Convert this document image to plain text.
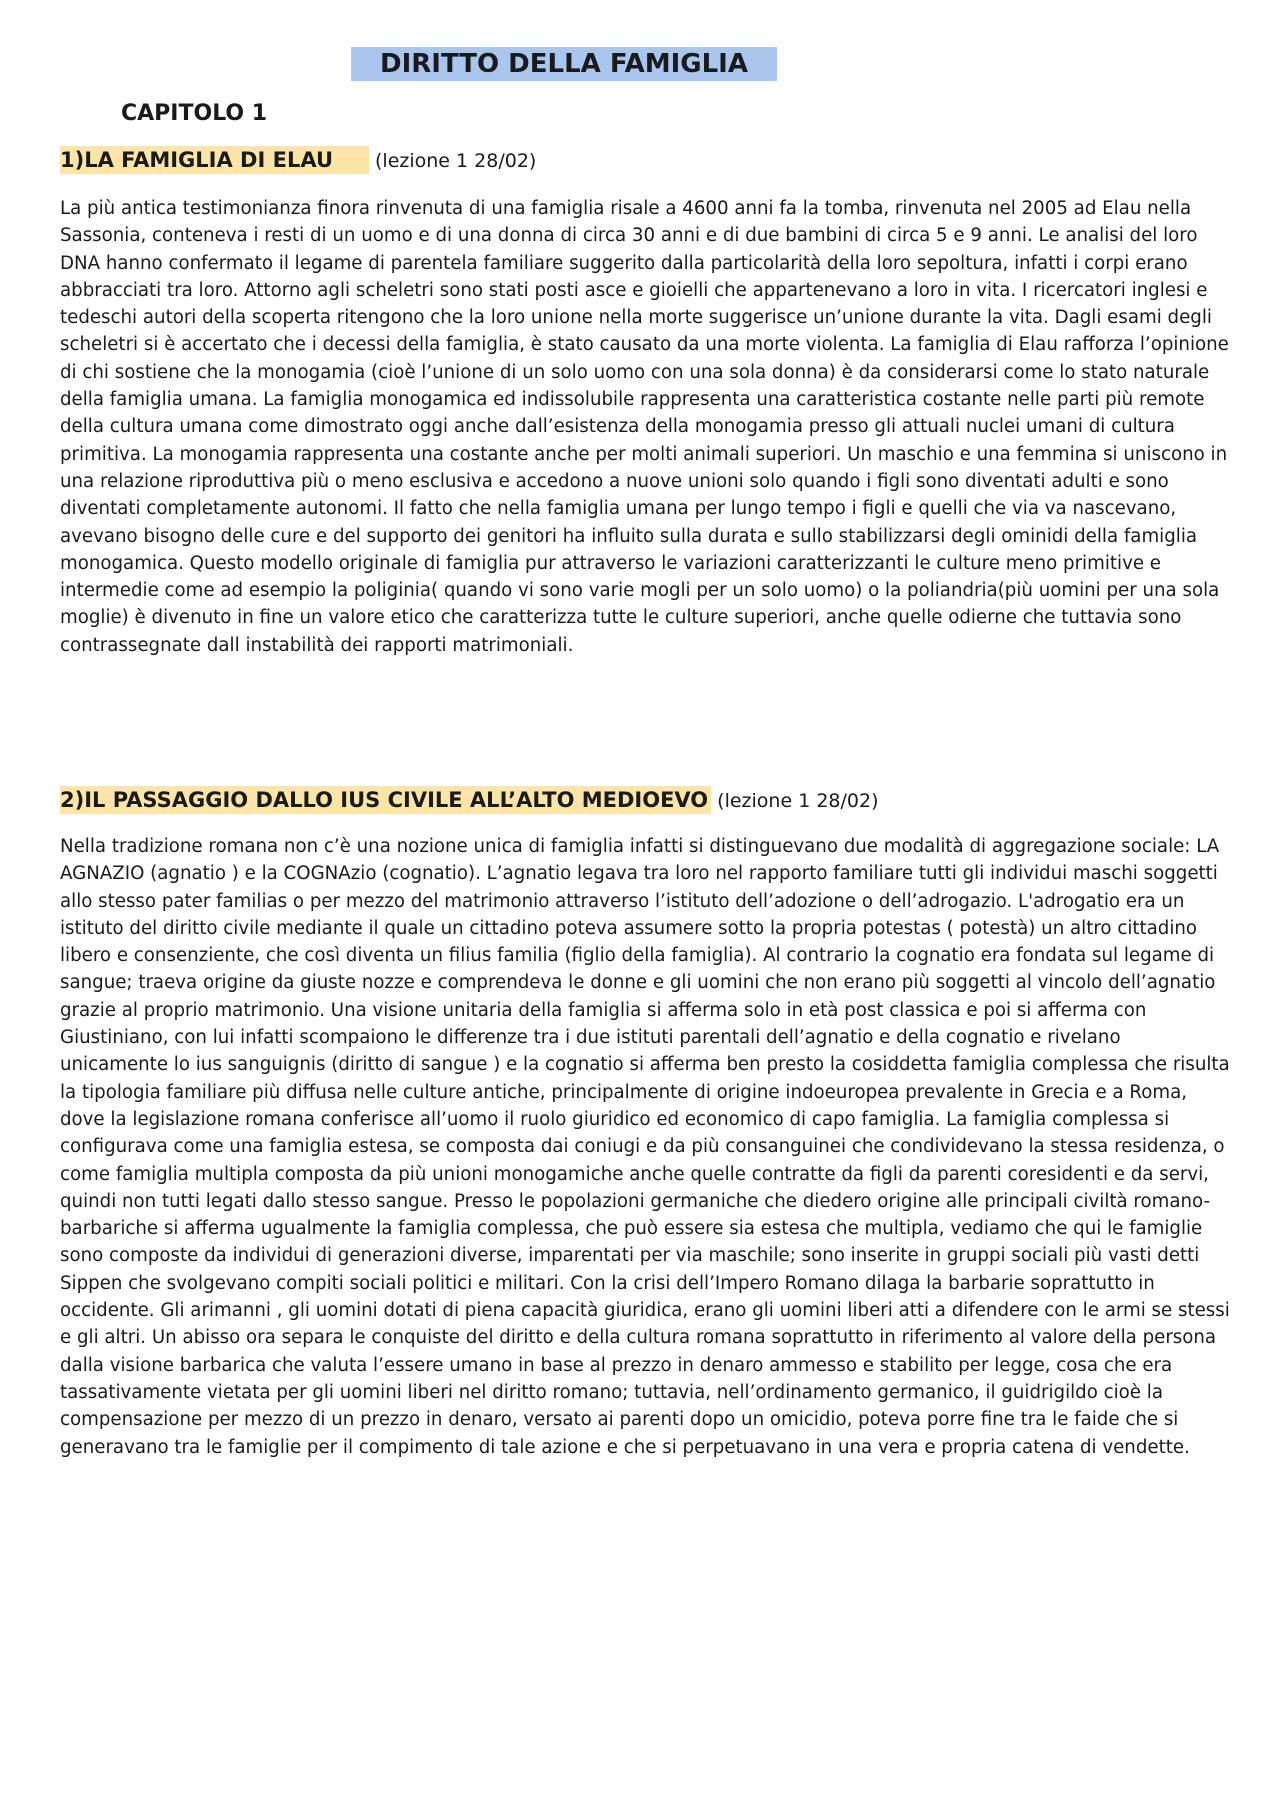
DIRITTO DELLA FAMIGLIA
CAPITOLO 1
1)LA FAMIGLIA DI ELAU (lezione 1 28/02)

La più antica testimonianza finora rinvenuta di una famiglia risale a 4600 anni fa la tomba, rinvenuta nel 2005 ad Elau nella Sassonia, conteneva i resti di un uomo e di una donna di circa 30 anni e di due bambini di circa 5 e 9 anni. Le analisi del loro DNA hanno confermato il legame di parentela familiare suggerito dalla particolarità della loro sepoltura, infatti i corpi erano abbracciati tra loro. Attorno agli scheletri sono stati posti asce e gioielli che appartenevano a loro in vita. I ricercatori inglesi e tedeschi autori della scoperta ritengono che la loro unione nella morte suggerisce un’unione durante la vita. Dagli esami degli scheletri si è accertato che i decessi della famiglia, è stato causato da una morte violenta. La famiglia di Elau rafforza l’opinione di chi sostiene che la monogamia (cioè l’unione di un solo uomo con una sola donna) è da considerarsi come lo stato naturale della famiglia umana. La famiglia monogamica ed indissolubile rappresenta una caratteristica costante nelle parti più remote della cultura umana come dimostrato oggi anche dall’esistenza della monogamia presso gli attuali nuclei umani di cultura primitiva. La monogamia rappresenta una costante anche per molti animali superiori. Un maschio e una femmina si uniscono in una relazione riproduttiva più o meno esclusiva e accedono a nuove unioni solo quando i figli sono diventati adulti e sono diventati completamente autonomi. Il fatto che nella famiglia umana per lungo tempo i figli e quelli che via va nascevano, avevano bisogno delle cure e del supporto dei genitori ha influito sulla durata e sullo stabilizzarsi degli ominidi della famiglia monogamica. Questo modello originale di famiglia pur attraverso le variazioni caratterizzanti le culture meno primitive e intermedie come ad esempio la poliginia( quando vi sono varie mogli per un solo uomo) o la poliandria(più uomini per una sola moglie) è divenuto in fine un valore etico che caratterizza tutte le culture superiori, anche quelle odierne che tuttavia sono contrassegnate dall instabilità dei rapporti matrimoniali.

2)IL PASSAGGIO DALLO IUS CIVILE ALL’ALTO MEDIOEVO (lezione 1 28/02)

Nella tradizione romana non c’è una nozione unica di famiglia infatti si distinguevano due modalità di aggregazione sociale: LA AGNAZIO (agnatio ) e la COGNAzio (cognatio). L’agnatio legava tra loro nel rapporto familiare tutti gli individui maschi soggetti allo stesso pater familias o per mezzo del matrimonio attraverso l’istituto dell’adozione o dell’adrogazio. L'adrogatio era un istituto del diritto civile mediante il quale un cittadino poteva assumere sotto la propria potestas ( potestà) un altro cittadino libero e consenziente, che così diventa un filius familia (figlio della famiglia). Al contrario la cognatio era fondata sul legame di sangue; traeva origine da giuste nozze e comprendeva le donne e gli uomini che non erano più soggetti al vincolo dell’agnatio grazie al proprio matrimonio. Una visione unitaria della famiglia si afferma solo in età post classica e poi si afferma con Giustiniano, con lui infatti scompaiono le differenze tra i due istituti parentali dell’agnatio e della cognatio e rivelano unicamente lo ius sanguignis (diritto di sangue ) e la cognatio si afferma ben presto la cosiddetta famiglia complessa che risulta la tipologia familiare più diffusa nelle culture antiche, principalmente di origine indoeuropea prevalente in Grecia e a Roma, dove la legislazione romana conferisce all’uomo il ruolo giuridico ed economico di capo famiglia. La famiglia complessa si configurava come una famiglia estesa, se composta dai coniugi e da più consanguinei che condividevano la stessa residenza, o come famiglia multipla composta da più unioni monogamiche anche quelle contratte da figli da parenti coresidenti e da servi, quindi non tutti legati dallo stesso sangue. Presso le popolazioni germaniche che diedero origine alle principali civiltà romano-barbariche si afferma ugualmente la famiglia complessa, che può essere sia estesa che multipla, vediamo che qui le famiglie sono composte da individui di generazioni diverse, imparentati per via maschile; sono inserite in gruppi sociali più vasti detti Sippen che svolgevano compiti sociali politici e militari. Con la crisi dell’Impero Romano dilaga la barbarie soprattutto in occidente. Gli arimanni , gli uomini dotati di piena capacità giuridica, erano gli uomini liberi atti a difendere con le armi se stessi e gli altri. Un abisso ora separa le conquiste del diritto e della cultura romana soprattutto in riferimento al valore della persona dalla visione barbarica che valuta l’essere umano in base al prezzo in denaro ammesso e stabilito per legge, cosa che era tassativamente vietata per gli uomini liberi nel diritto romano; tuttavia, nell’ordinamento germanico, il guidrigildo cioè la compensazione per mezzo di un prezzo in denaro, versato ai parenti dopo un omicidio, poteva porre fine tra le faide che si generavano tra le famiglie per il compimento di tale azione e che si perpetuavano in una vera e propria catena di vendette.
